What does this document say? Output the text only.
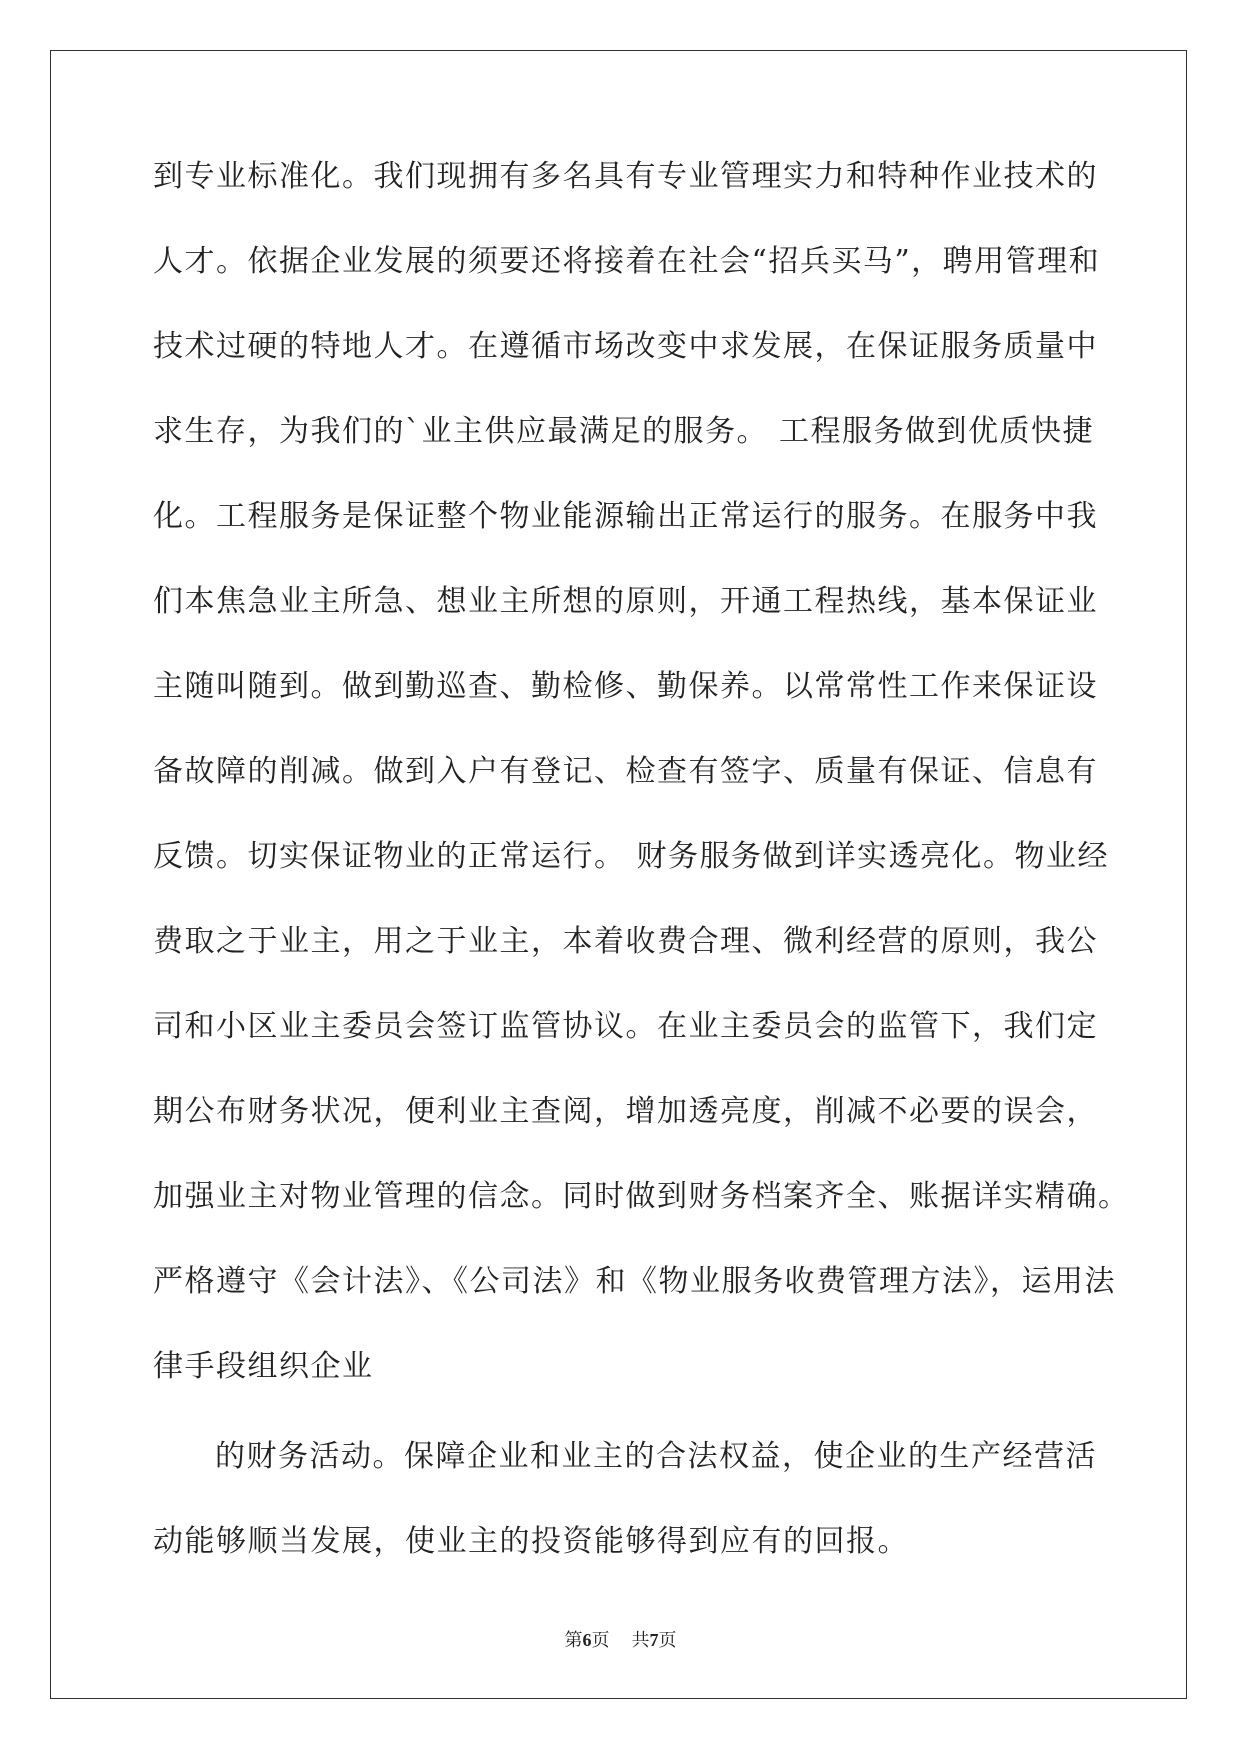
到专业标准化。我们现拥有多名具有专业管理实力和特种作业技术的
人才。依据企业发展的须要还将接着在社会“招兵买马”，聘用管理和
技术过硬的特地人才。在遵循市场改变中求发展，在保证服务质量中
求生存，为我们的`业主供应最满足的服务。 工程服务做到优质快捷
化。工程服务是保证整个物业能源输出正常运行的服务。在服务中我
们本焦急业主所急、想业主所想的原则，开通工程热线，基本保证业
主随叫随到。做到勤巡查、勤检修、勤保养。以常常性工作来保证设
备故障的削减。做到入户有登记、检查有签字、质量有保证、信息有
反馈。切实保证物业的正常运行。 财务服务做到详实透亮化。物业经
费取之于业主，用之于业主，本着收费合理、微利经营的原则，我公
司和小区业主委员会签订监管协议。在业主委员会的监管下，我们定
期公布财务状况，便利业主查阅，增加透亮度，削减不必要的误会，
加强业主对物业管理的信念。同时做到财务档案齐全、账据详实精确。
严格遵守《会计法》、《公司法》和《物业服务收费管理方法》，运用法
律手段组织企业
的财务活动。保障企业和业主的合法权益，使企业的生产经营活
动能够顺当发展，使业主的投资能够得到应有的回报。
第6页 共7页
